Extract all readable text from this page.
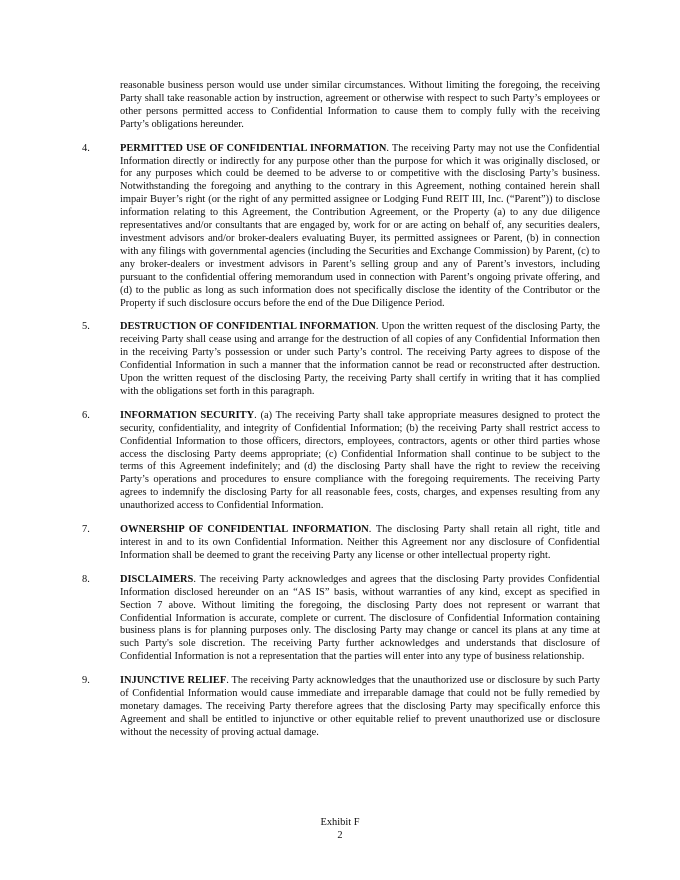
reasonable business person would use under similar circumstances. Without limiting the foregoing, the receiving Party shall take reasonable action by instruction, agreement or otherwise with respect to such Party’s employees or other persons permitted access to Confidential Information to cause them to comply fully with the receiving Party’s obligations hereunder.

4.	PERMITTED USE OF CONFIDENTIAL INFORMATION. The receiving Party may not use the Confidential Information directly or indirectly for any purpose other than the purpose for which it was originally disclosed, or for any purposes which could be deemed to be adverse to or competitive with the disclosing Party’s business. Notwithstanding the foregoing and anything to the contrary in this Agreement, nothing contained herein shall impair Buyer’s right (or the right of any permitted assignee or Lodging Fund REIT III, Inc. (“Parent”)) to disclose information relating to this Agreement, the Contribution Agreement, or the Property (a) to any due diligence representatives and/or consultants that are engaged by, work for or are acting on behalf of, any securities dealers, investment advisors and/or broker-dealers evaluating Buyer, its permitted assignees or Parent, (b) in connection with any filings with governmental agencies (including the Securities and Exchange Commission) by Parent, (c) to any broker-dealers or investment advisors in Parent’s selling group and any of Parent’s investors, including pursuant to the confidential offering memorandum used in connection with Parent’s ongoing private offering, and (d) to the public as long as such information does not specifically disclose the identity of the Contributor or the Property if such disclosure occurs before the end of the Due Diligence Period.
5.	DESTRUCTION OF CONFIDENTIAL INFORMATION. Upon the written request of the disclosing Party, the receiving Party shall cease using and arrange for the destruction of all copies of any Confidential Information then in the receiving Party’s possession or under such Party’s control. The receiving Party agrees to dispose of the Confidential Information in such a manner that the information cannot be read or reconstructed after destruction. Upon the written request of the disclosing Party, the receiving Party shall certify in writing that it has complied with the obligations set forth in this paragraph.
6.	INFORMATION SECURITY. (a) The receiving Party shall take appropriate measures designed to protect the security, confidentiality, and integrity of Confidential Information; (b) the receiving Party shall restrict access to Confidential Information to those officers, directors, employees, contractors, agents or other third parties whose access the disclosing Party deems appropriate; (c) Confidential Information shall continue to be subject to the terms of this Agreement indefinitely; and (d) the disclosing Party shall have the right to review the receiving Party’s operations and procedures to ensure compliance with the foregoing requirements. The receiving Party agrees to indemnify the disclosing Party for all reasonable fees, costs, charges, and expenses resulting from any unauthorized access to Confidential Information.
7.	OWNERSHIP OF CONFIDENTIAL INFORMATION. The disclosing Party shall retain all right, title and interest in and to its own Confidential Information. Neither this Agreement nor any disclosure of Confidential Information shall be deemed to grant the receiving Party any license or other intellectual property right.
8.	DISCLAIMERS. The receiving Party acknowledges and agrees that the disclosing Party provides Confidential Information disclosed hereunder on an “AS IS” basis, without warranties of any kind, except as specified in Section 7 above. Without limiting the foregoing, the disclosing Party does not represent or warrant that Confidential Information is accurate, complete or current. The disclosure of Confidential Information containing business plans is for planning purposes only. The disclosing Party may change or cancel its plans at any time at such Party's sole discretion. The receiving Party further acknowledges and understands that disclosure of Confidential Information is not a representation that the parties will enter into any type of business relationship.
9.	INJUNCTIVE RELIEF. The receiving Party acknowledges that the unauthorized use or disclosure by such Party of Confidential Information would cause immediate and irreparable damage that could not be fully remedied by monetary damages. The receiving Party therefore agrees that the disclosing Party may specifically enforce this Agreement and shall be entitled to injunctive or other equitable relief to prevent unauthorized use or disclosure without the necessity of proving actual damage.
Exhibit F
2
